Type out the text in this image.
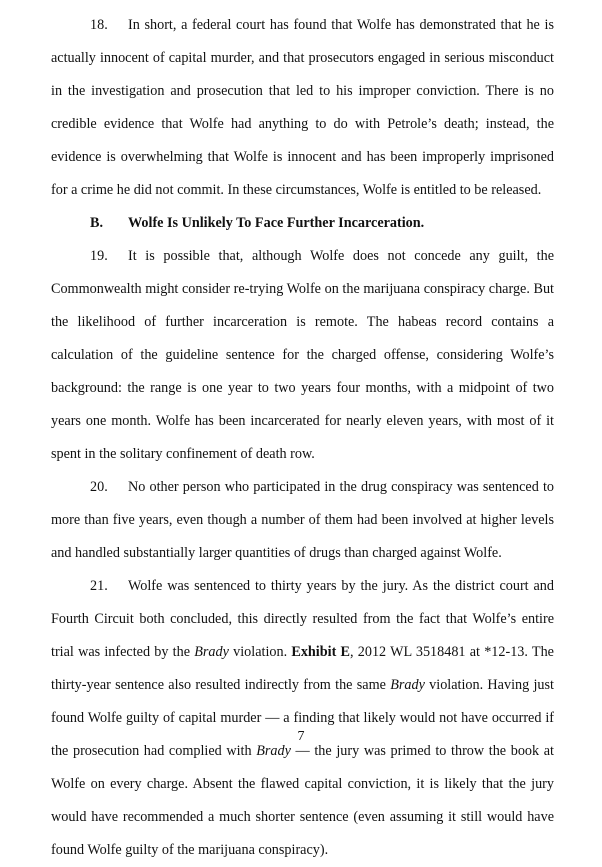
18. In short, a federal court has found that Wolfe has demonstrated that he is actually innocent of capital murder, and that prosecutors engaged in serious misconduct in the investigation and prosecution that led to his improper conviction. There is no credible evidence that Wolfe had anything to do with Petrole’s death; instead, the evidence is overwhelming that Wolfe is innocent and has been improperly imprisoned for a crime he did not commit. In these circumstances, Wolfe is entitled to be released.

B. Wolfe Is Unlikely To Face Further Incarceration.

19. It is possible that, although Wolfe does not concede any guilt, the Commonwealth might consider re-trying Wolfe on the marijuana conspiracy charge. But the likelihood of further incarceration is remote. The habeas record contains a calculation of the guideline sentence for the charged offense, considering Wolfe’s background: the range is one year to two years four months, with a midpoint of two years one month. Wolfe has been incarcerated for nearly eleven years, with most of it spent in the solitary confinement of death row.

20. No other person who participated in the drug conspiracy was sentenced to more than five years, even though a number of them had been involved at higher levels and handled substantially larger quantities of drugs than charged against Wolfe.

21. Wolfe was sentenced to thirty years by the jury. As the district court and Fourth Circuit both concluded, this directly resulted from the fact that Wolfe’s entire trial was infected by the Brady violation. Exhibit E, 2012 WL 3518481 at *12-13. The thirty-year sentence also resulted indirectly from the same Brady violation. Having just found Wolfe guilty of capital murder — a finding that likely would not have occurred if the prosecution had complied with Brady — the jury was primed to throw the book at Wolfe on every charge. Absent the flawed capital conviction, it is likely that the jury would have recommended a much shorter sentence (even assuming it still would have found Wolfe guilty of the marijuana conspiracy).

7
